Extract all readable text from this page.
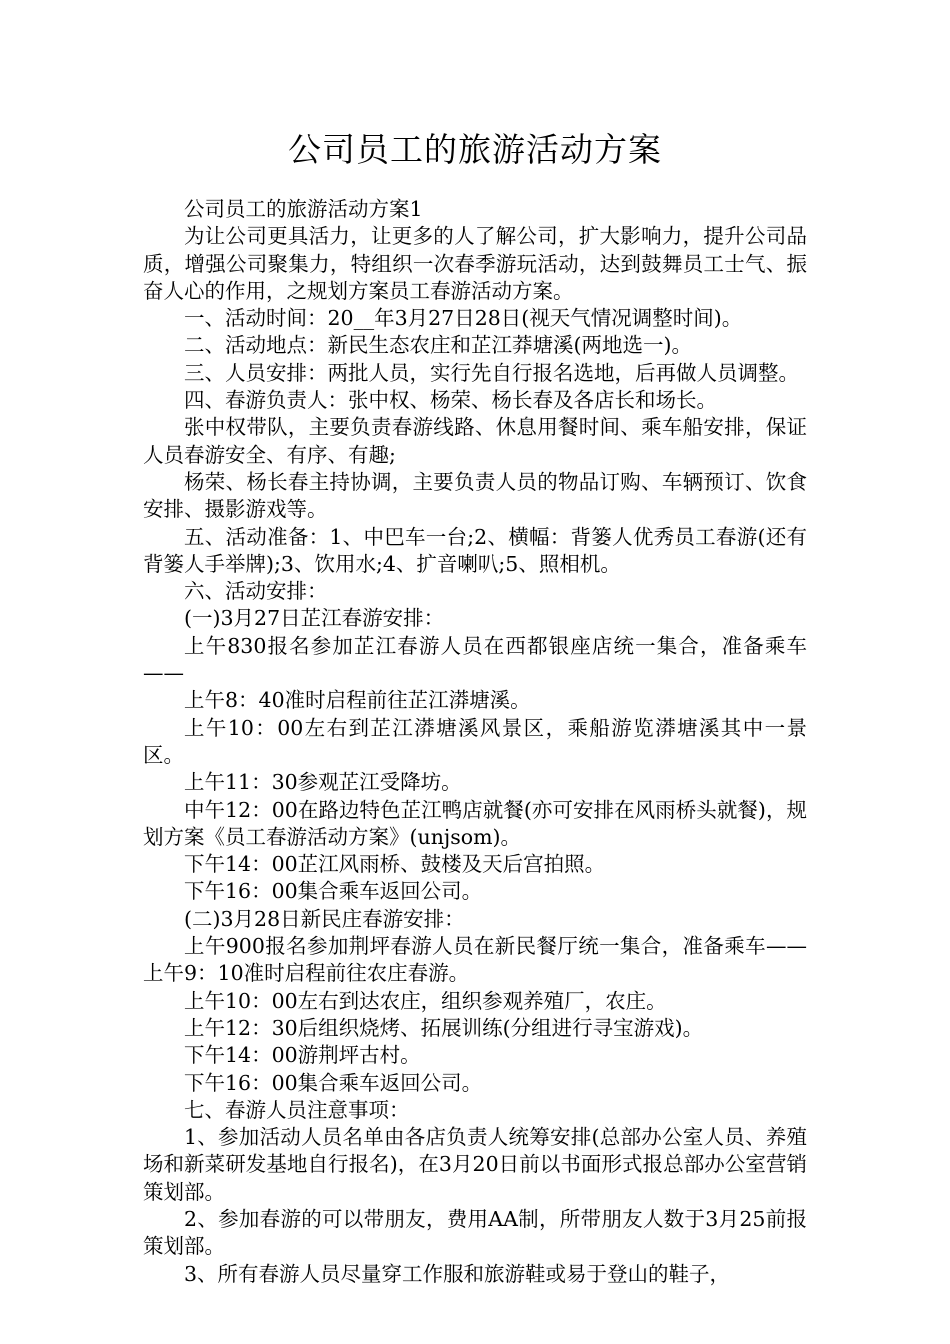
公司员工的旅游活动方案

公司员工的旅游活动方案1

为让公司更具活力，让更多的人了解公司，扩大影响力，提升公司品质，增强公司聚集力，特组织一次春季游玩活动，达到鼓舞员工士气、振奋人心的作用，之规划方案员工春游活动方案。

一、活动时间：20__年3月27日28日(视天气情况调整时间)。

二、活动地点：新民生态农庄和芷江莽塘溪(两地选一)。

三、人员安排：两批人员，实行先自行报名选地，后再做人员调整。

四、春游负责人：张中权、杨荣、杨长春及各店长和场长。

张中权带队，主要负责春游线路、休息用餐时间、乘车船安排，保证人员春游安全、有序、有趣;

杨荣、杨长春主持协调，主要负责人员的物品订购、车辆预订、饮食安排、摄影游戏等。

五、活动准备：1、中巴车一台;2、横幅：背篓人优秀员工春游(还有背篓人手举牌);3、饮用水;4、扩音喇叭;5、照相机。

六、活动安排：

(一)3月27日芷江春游安排：

上午830报名参加芷江春游人员在西都银座店统一集合，准备乘车——

上午8：40准时启程前往芷江漭塘溪。

上午10：00左右到芷江漭塘溪风景区，乘船游览漭塘溪其中一景区。

上午11：30参观芷江受降坊。

中午12：00在路边特色芷江鸭店就餐(亦可安排在风雨桥头就餐)，规划方案《员工春游活动方案》(unjsom)。

下午14：00芷江风雨桥、鼓楼及天后宫拍照。

下午16：00集合乘车返回公司。

(二)3月28日新民庄春游安排：

上午900报名参加荆坪春游人员在新民餐厅统一集合，准备乘车——上午9：10准时启程前往农庄春游。

上午10：00左右到达农庄，组织参观养殖厂，农庄。

上午12：30后组织烧烤、拓展训练(分组进行寻宝游戏)。

下午14：00游荆坪古村。

下午16：00集合乘车返回公司。

七、春游人员注意事项：

1、参加活动人员名单由各店负责人统筹安排(总部办公室人员、养殖场和新菜研发基地自行报名)，在3月20日前以书面形式报总部办公室营销策划部。

2、参加春游的可以带朋友，费用AA制，所带朋友人数于3月25前报策划部。

3、所有春游人员尽量穿工作服和旅游鞋或易于登山的鞋子，
